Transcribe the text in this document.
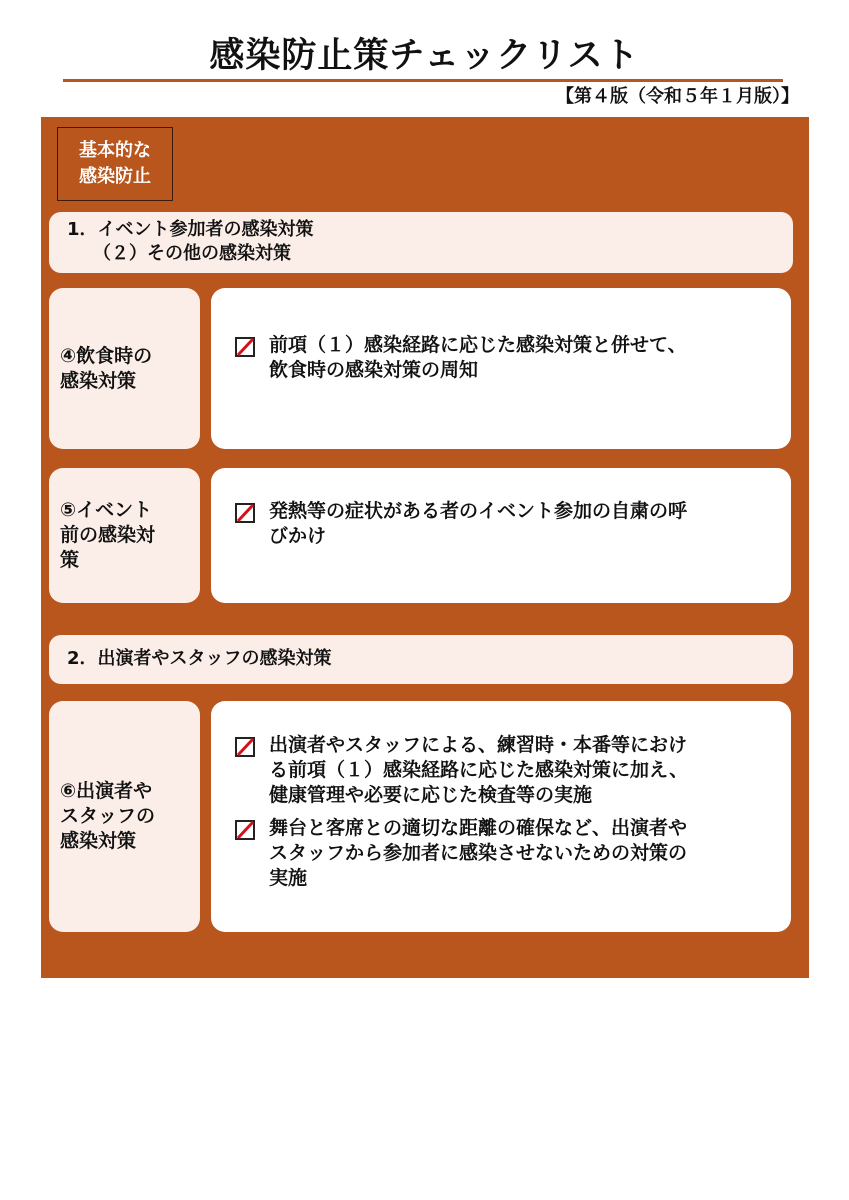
感染防止策チェックリスト
【第４版（令和５年１月版）】
基本的な
感染防止
1．イベント参加者の感染対策
（２）その他の感染対策
④飲食時の
感染対策
前項（１）感染経路に応じた感染対策と併せて、
飲食時の感染対策の周知
⑤イベント
前の感染対
策
発熱等の症状がある者のイベント参加の自粛の呼
びかけ
2．出演者やスタッフの感染対策
⑥出演者や
スタッフの
感染対策
出演者やスタッフによる、練習時・本番等におけ
る前項（１）感染経路に応じた感染対策に加え、
健康管理や必要に応じた検査等の実施
舞台と客席との適切な距離の確保など、出演者や
スタッフから参加者に感染させないための対策の
実施
